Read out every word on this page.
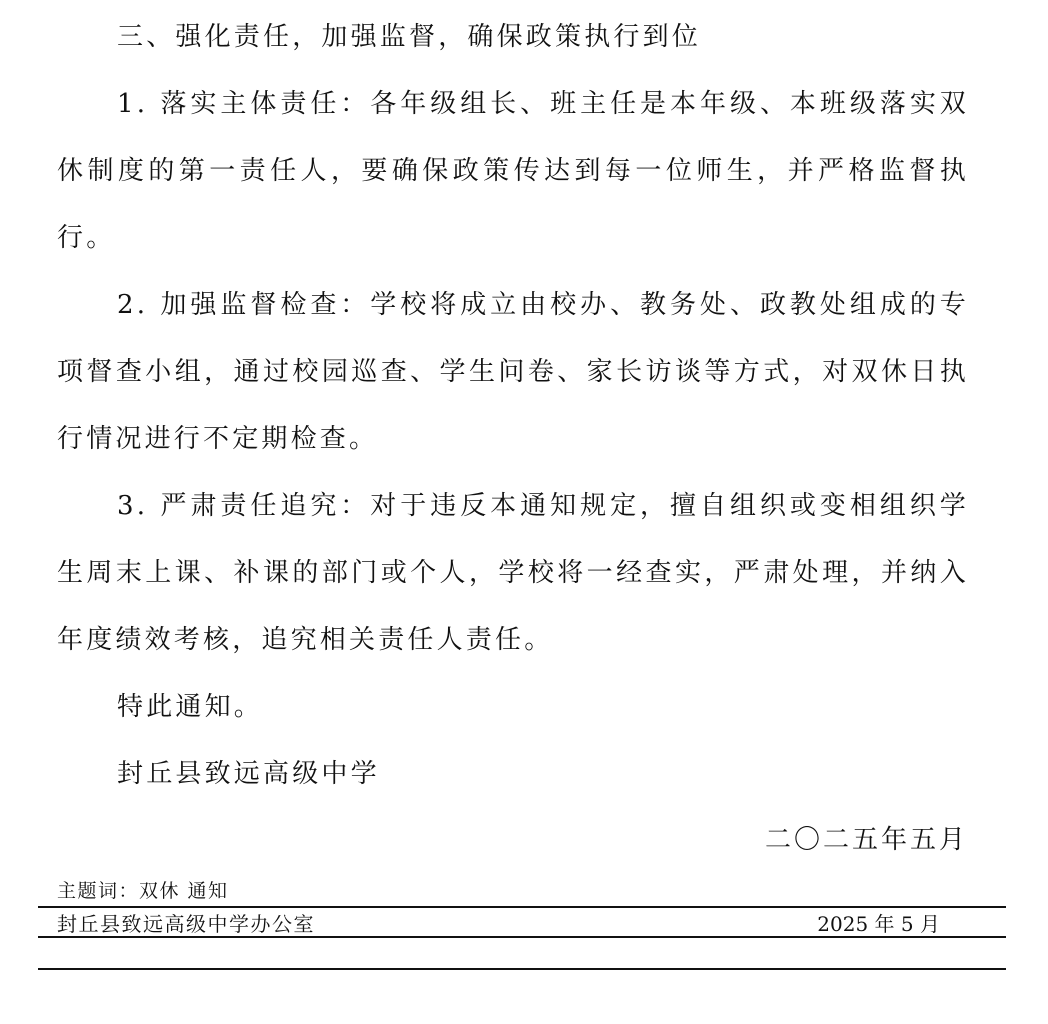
三、强化责任，加强监督，确保政策执行到位

1. 落实主体责任：各年级组长、班主任是本年级、本班级落实双休制度的第一责任人，要确保政策传达到每一位师生，并严格监督执行。

2. 加强监督检查：学校将成立由校办、教务处、政教处组成的专项督查小组，通过校园巡查、学生问卷、家长访谈等方式，对双休日执行情况进行不定期检查。

3. 严肃责任追究：对于违反本通知规定，擅自组织或变相组织学生周末上课、补课的部门或个人，学校将一经查实，严肃处理，并纳入年度绩效考核，追究相关责任人责任。

特此通知。

封丘县致远高级中学

二〇二五年五月

主题词：双休 通知
封丘县致远高级中学办公室	2025 年 5 月
